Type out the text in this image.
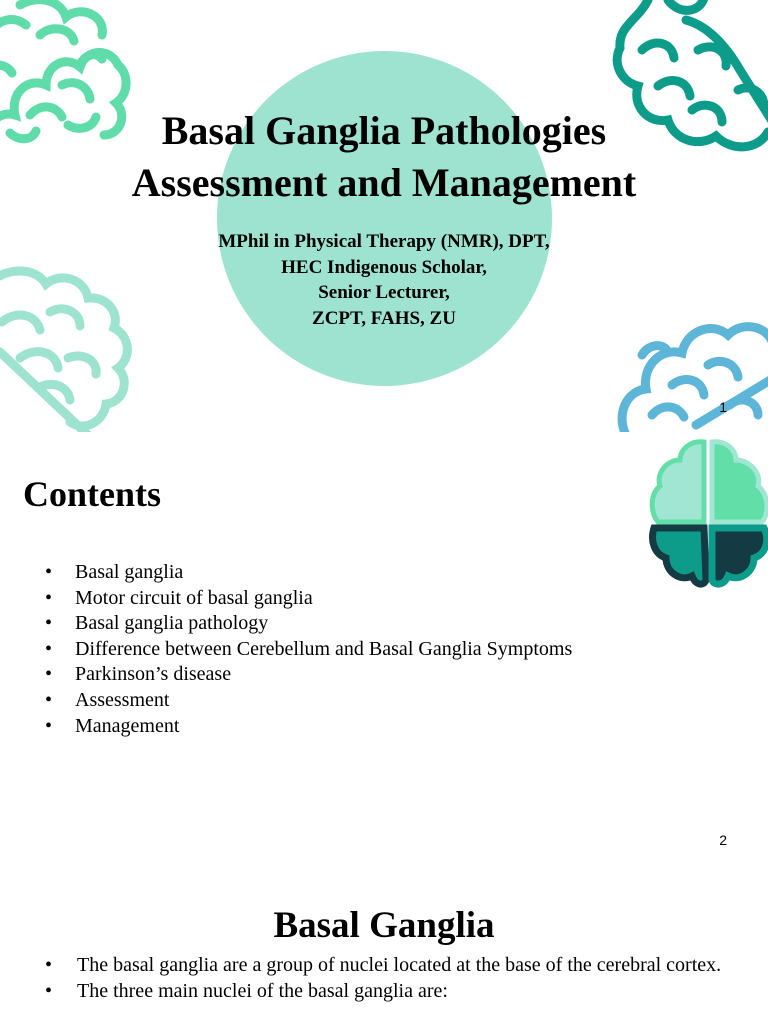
Basal Ganglia Pathologies
Assessment and Management
MPhil in Physical Therapy (NMR), DPT,
HEC Indigenous Scholar,
Senior Lecturer,
ZCPT, FAHS, ZU
1
Contents
• Basal ganglia
• Motor circuit of basal ganglia
• Basal ganglia pathology
• Difference between Cerebellum and Basal Ganglia Symptoms
• Parkinson’s disease
• Assessment
• Management
2
Basal Ganglia
• The basal ganglia are a group of nuclei located at the base of the cerebral cortex.
• The three main nuclei of the basal ganglia are:
